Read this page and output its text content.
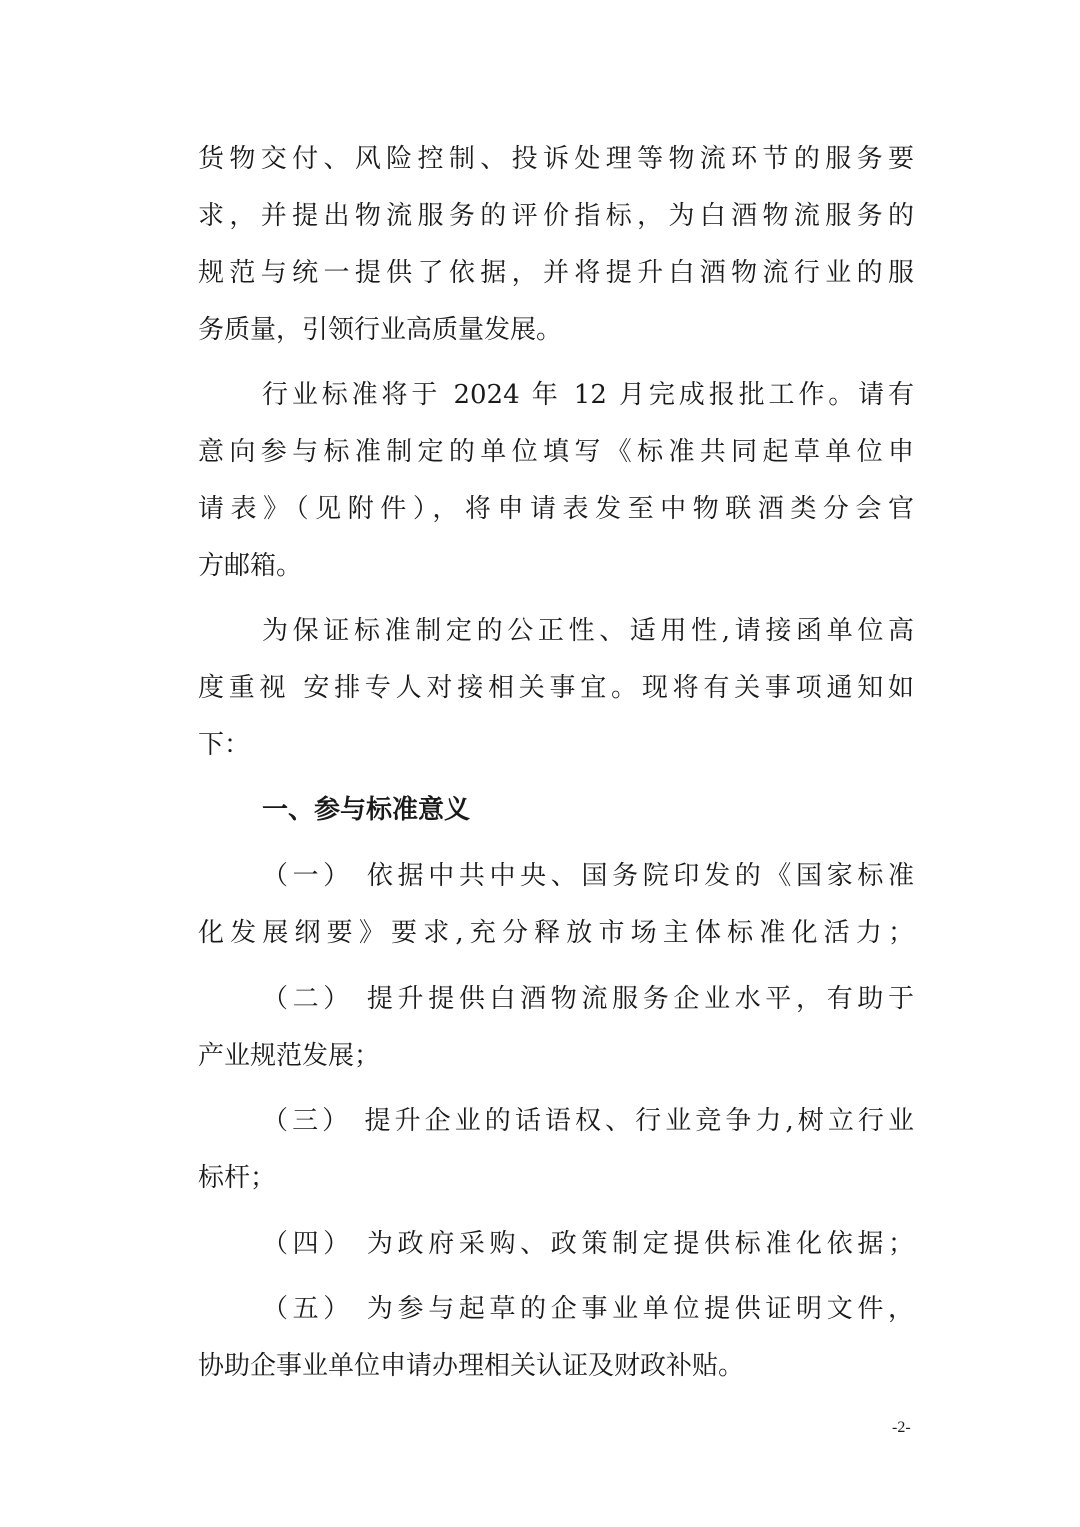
货物交付、风险控制、投诉处理等物流环节的服务要
求，并提出物流服务的评价指标，为白酒物流服务的
规范与统一提供了依据，并将提升白酒物流行业的服
务质量，引领行业高质量发展。
行业标准将于 2024 年 12 月完成报批工作。请有
意向参与标准制定的单位填写《标准共同起草单位申
请表》（见附件），将申请表发至中物联酒类分会官
方邮箱。
为保证标准制定的公正性、适用性,请接函单位高
度重视 安排专人对接相关事宜。现将有关事项通知如
下：
一、参与标准意义
（一） 依据中共中央、国务院印发的《国家标准
化发展纲要》要求,充分释放市场主体标准化活力；
（二） 提升提供白酒物流服务企业水平，有助于
产业规范发展；
（三） 提升企业的话语权、行业竞争力,树立行业
标杆；
（四） 为政府采购、政策制定提供标准化依据；
（五） 为参与起草的企事业单位提供证明文件，
协助企事业单位申请办理相关认证及财政补贴。
-2-
